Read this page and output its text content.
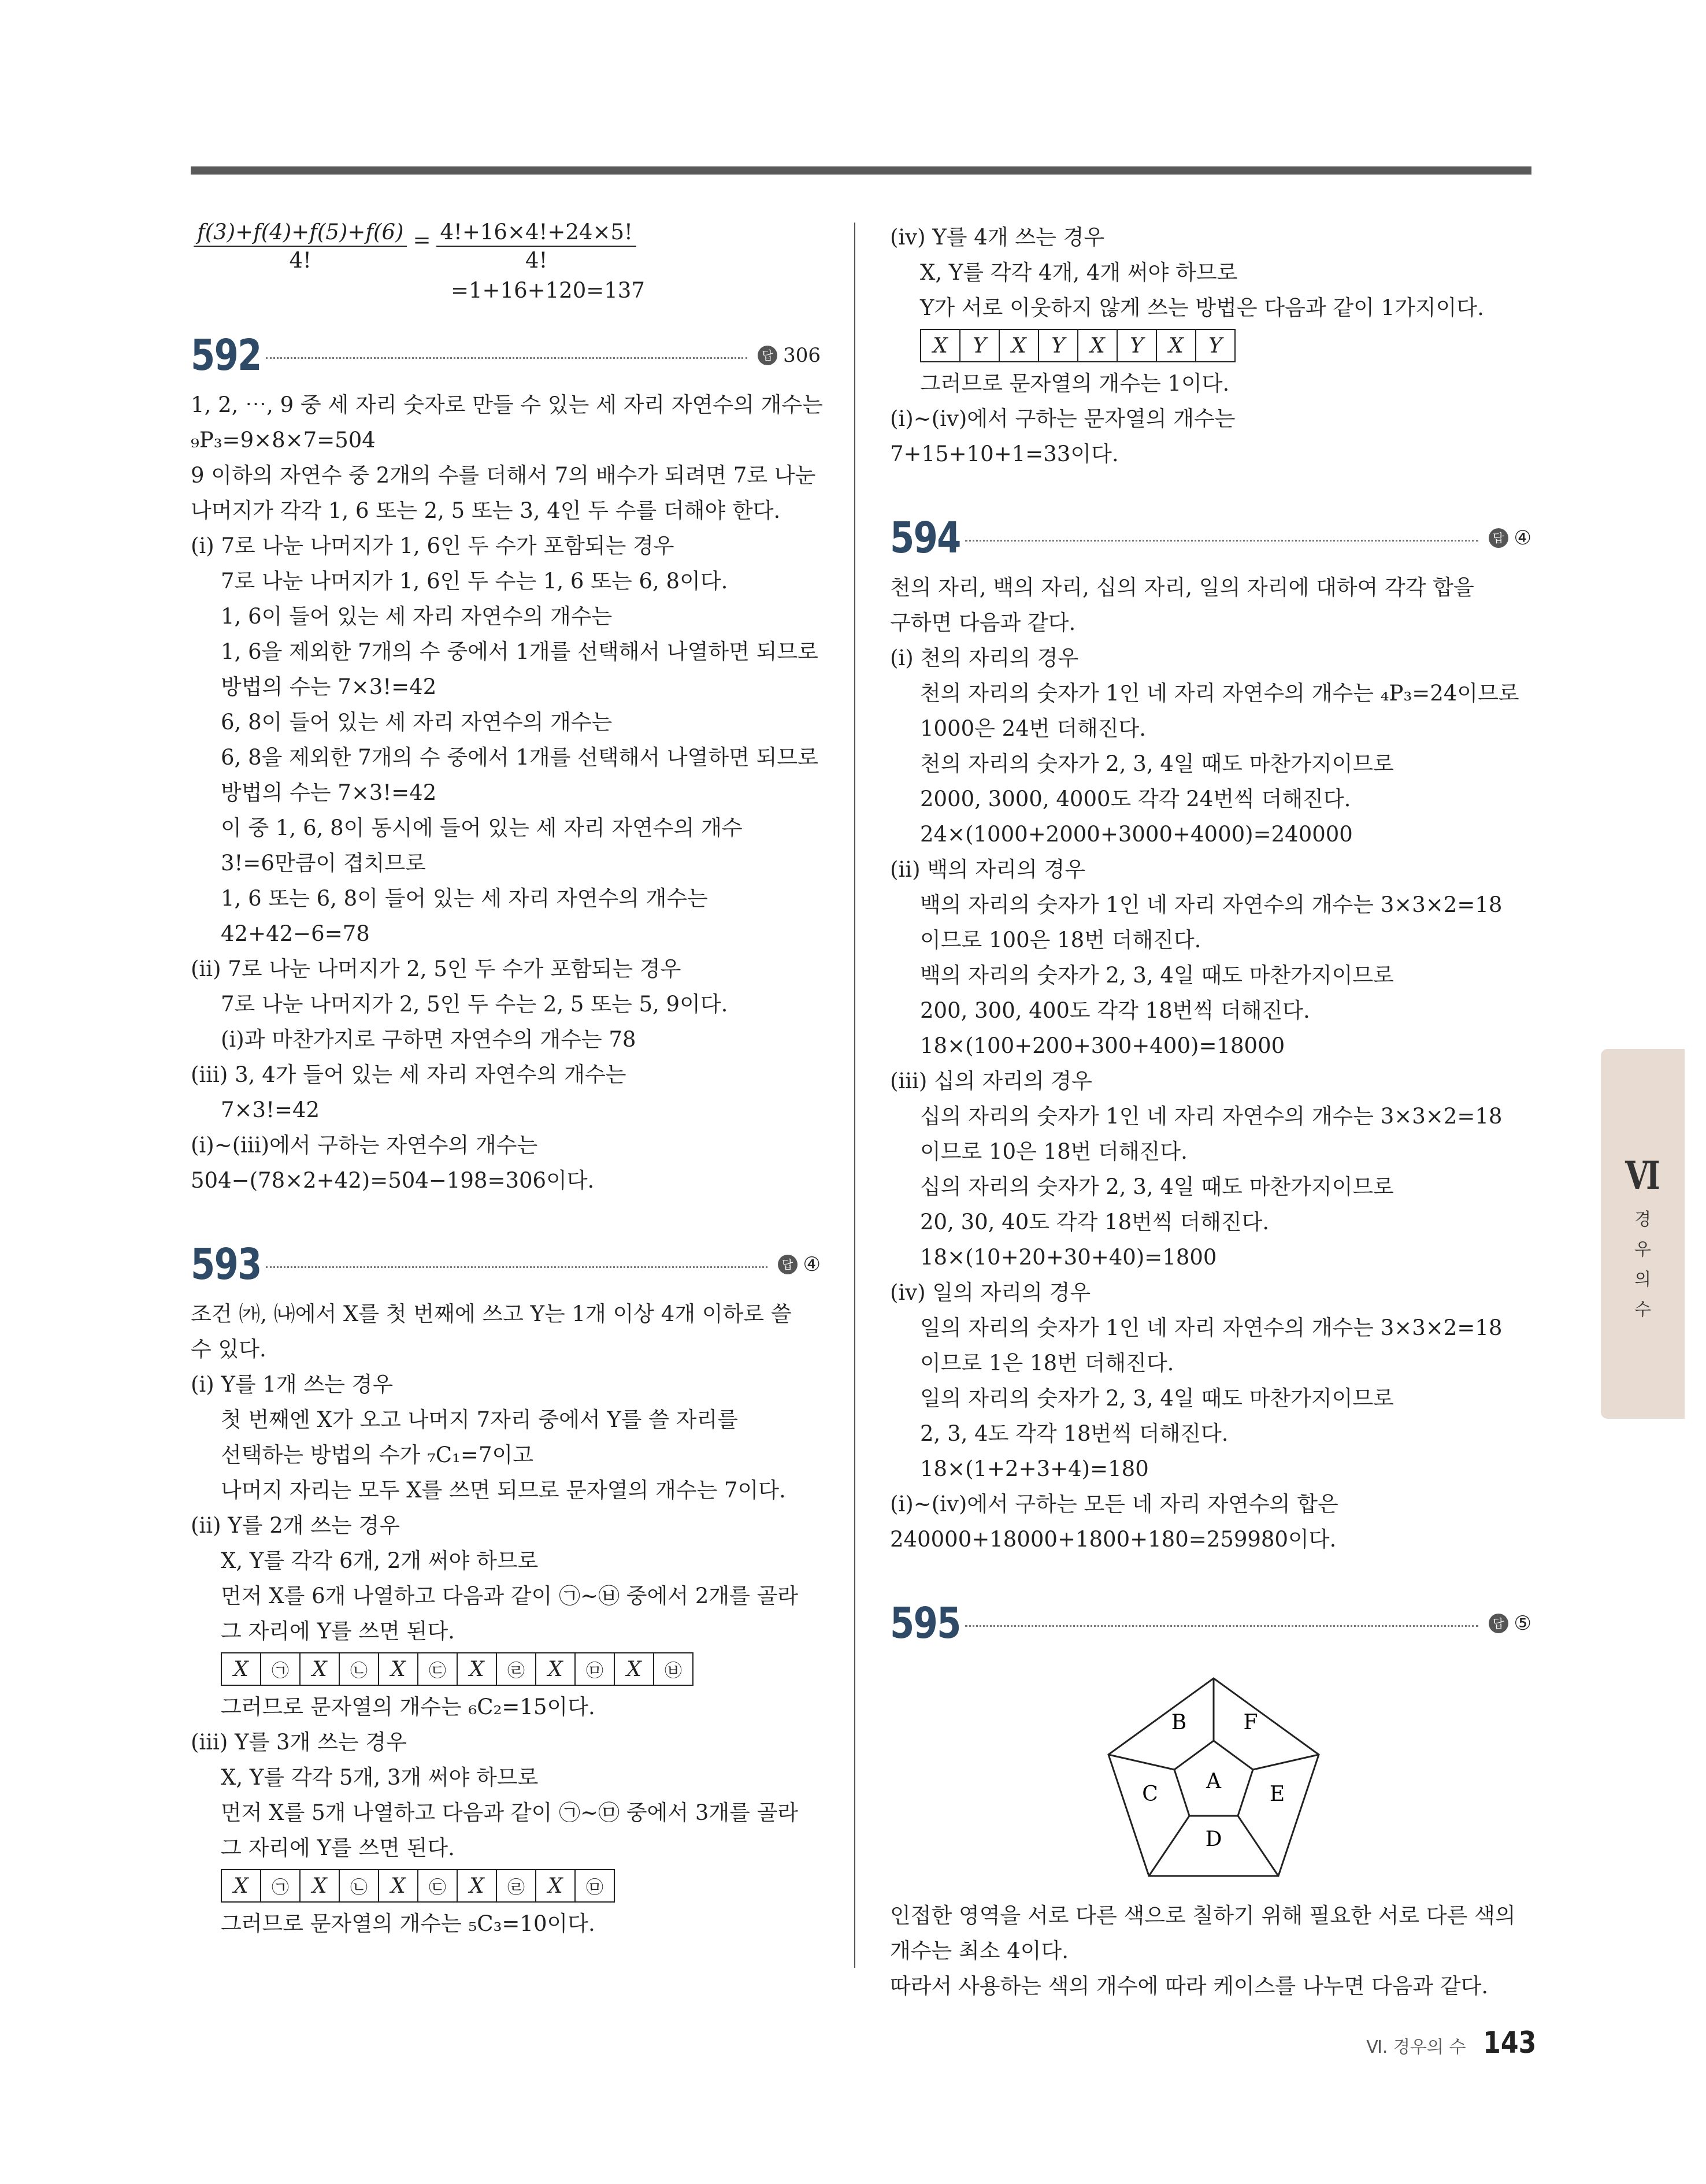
$\frac{f(3)+f(4)+f(5)+f(6)}{4!} = \frac{4!+16\times 4!+24\times 5!}{4!}$
=1+16+120=137
592	답 306
1, 2, ⋯, 9 중 세 자리 숫자로 만들 수 있는 세 자리 자연수의 개수는
₉P₃=9×8×7=504
9 이하의 자연수 중 2개의 수를 더해서 7의 배수가 되려면 7로 나눈
나머지가 각각 1, 6 또는 2, 5 또는 3, 4인 두 수를 더해야 한다.
(ⅰ) 7로 나눈 나머지가 1, 6인 두 수가 포함되는 경우
7로 나눈 나머지가 1, 6인 두 수는 1, 6 또는 6, 8이다.
1, 6이 들어 있는 세 자리 자연수의 개수는
1, 6을 제외한 7개의 수 중에서 1개를 선택해서 나열하면 되므로
방법의 수는 7×3!=42
6, 8이 들어 있는 세 자리 자연수의 개수는
6, 8을 제외한 7개의 수 중에서 1개를 선택해서 나열하면 되므로
방법의 수는 7×3!=42
이 중 1, 6, 8이 동시에 들어 있는 세 자리 자연수의 개수
3!=6만큼이 겹치므로
1, 6 또는 6, 8이 들어 있는 세 자리 자연수의 개수는
42+42−6=78
(ⅱ) 7로 나눈 나머지가 2, 5인 두 수가 포함되는 경우
7로 나눈 나머지가 2, 5인 두 수는 2, 5 또는 5, 9이다.
(ⅰ)과 마찬가지로 구하면 자연수의 개수는 78
(ⅲ) 3, 4가 들어 있는 세 자리 자연수의 개수는
7×3!=42
(ⅰ)~(ⅲ)에서 구하는 자연수의 개수는
504−(78×2+42)=504−198=306이다.
593	답 ④
조건 ㈎, ㈏에서 X를 첫 번째에 쓰고 Y는 1개 이상 4개 이하로 쓸
수 있다.
(ⅰ) Y를 1개 쓰는 경우
첫 번째엔 X가 오고 나머지 7자리 중에서 Y를 쓸 자리를
선택하는 방법의 수가 ₇C₁=7이고
나머지 자리는 모두 X를 쓰면 되므로 문자열의 개수는 7이다.
(ⅱ) Y를 2개 쓰는 경우
X, Y를 각각 6개, 2개 써야 하므로
먼저 X를 6개 나열하고 다음과 같이 ㉠~㉥ 중에서 2개를 골라
그 자리에 Y를 쓰면 된다.
X	㉠	X	㉡	X	㉢	X	㉣	X	㉤	X	㉥
그러므로 문자열의 개수는 ₆C₂=15이다.
(ⅲ) Y를 3개 쓰는 경우
X, Y를 각각 5개, 3개 써야 하므로
먼저 X를 5개 나열하고 다음과 같이 ㉠~㉤ 중에서 3개를 골라
그 자리에 Y를 쓰면 된다.
X	㉠	X	㉡	X	㉢	X	㉣	X	㉤
그러므로 문자열의 개수는 ₅C₃=10이다.
(ⅳ) Y를 4개 쓰는 경우
X, Y를 각각 4개, 4개 써야 하므로
Y가 서로 이웃하지 않게 쓰는 방법은 다음과 같이 1가지이다.
X	Y	X	Y	X	Y	X	Y
그러므로 문자열의 개수는 1이다.
(ⅰ)~(ⅳ)에서 구하는 문자열의 개수는
7+15+10+1=33이다.
594	답 ④
천의 자리, 백의 자리, 십의 자리, 일의 자리에 대하여 각각 합을
구하면 다음과 같다.
(ⅰ) 천의 자리의 경우
천의 자리의 숫자가 1인 네 자리 자연수의 개수는 ₄P₃=24이므로
1000은 24번 더해진다.
천의 자리의 숫자가 2, 3, 4일 때도 마찬가지이므로
2000, 3000, 4000도 각각 24번씩 더해진다.
24×(1000+2000+3000+4000)=240000
(ⅱ) 백의 자리의 경우
백의 자리의 숫자가 1인 네 자리 자연수의 개수는 3×3×2=18
이므로 100은 18번 더해진다.
백의 자리의 숫자가 2, 3, 4일 때도 마찬가지이므로
200, 300, 400도 각각 18번씩 더해진다.
18×(100+200+300+400)=18000
(ⅲ) 십의 자리의 경우
십의 자리의 숫자가 1인 네 자리 자연수의 개수는 3×3×2=18
이므로 10은 18번 더해진다.
십의 자리의 숫자가 2, 3, 4일 때도 마찬가지이므로
20, 30, 40도 각각 18번씩 더해진다.
18×(10+20+30+40)=1800
(ⅳ) 일의 자리의 경우
일의 자리의 숫자가 1인 네 자리 자연수의 개수는 3×3×2=18
이므로 1은 18번 더해진다.
일의 자리의 숫자가 2, 3, 4일 때도 마찬가지이므로
2, 3, 4도 각각 18번씩 더해진다.
18×(1+2+3+4)=180
(ⅰ)~(ⅳ)에서 구하는 모든 네 자리 자연수의 합은
240000+18000+1800+180=259980이다.
595	답 ⑤
B	F
A
C	E
D
인접한 영역을 서로 다른 색으로 칠하기 위해 필요한 서로 다른 색의
개수는 최소 4이다.
따라서 사용하는 색의 개수에 따라 케이스를 나누면 다음과 같다.
Ⅵ
경
우
의
수
Ⅵ. 경우의 수 143
